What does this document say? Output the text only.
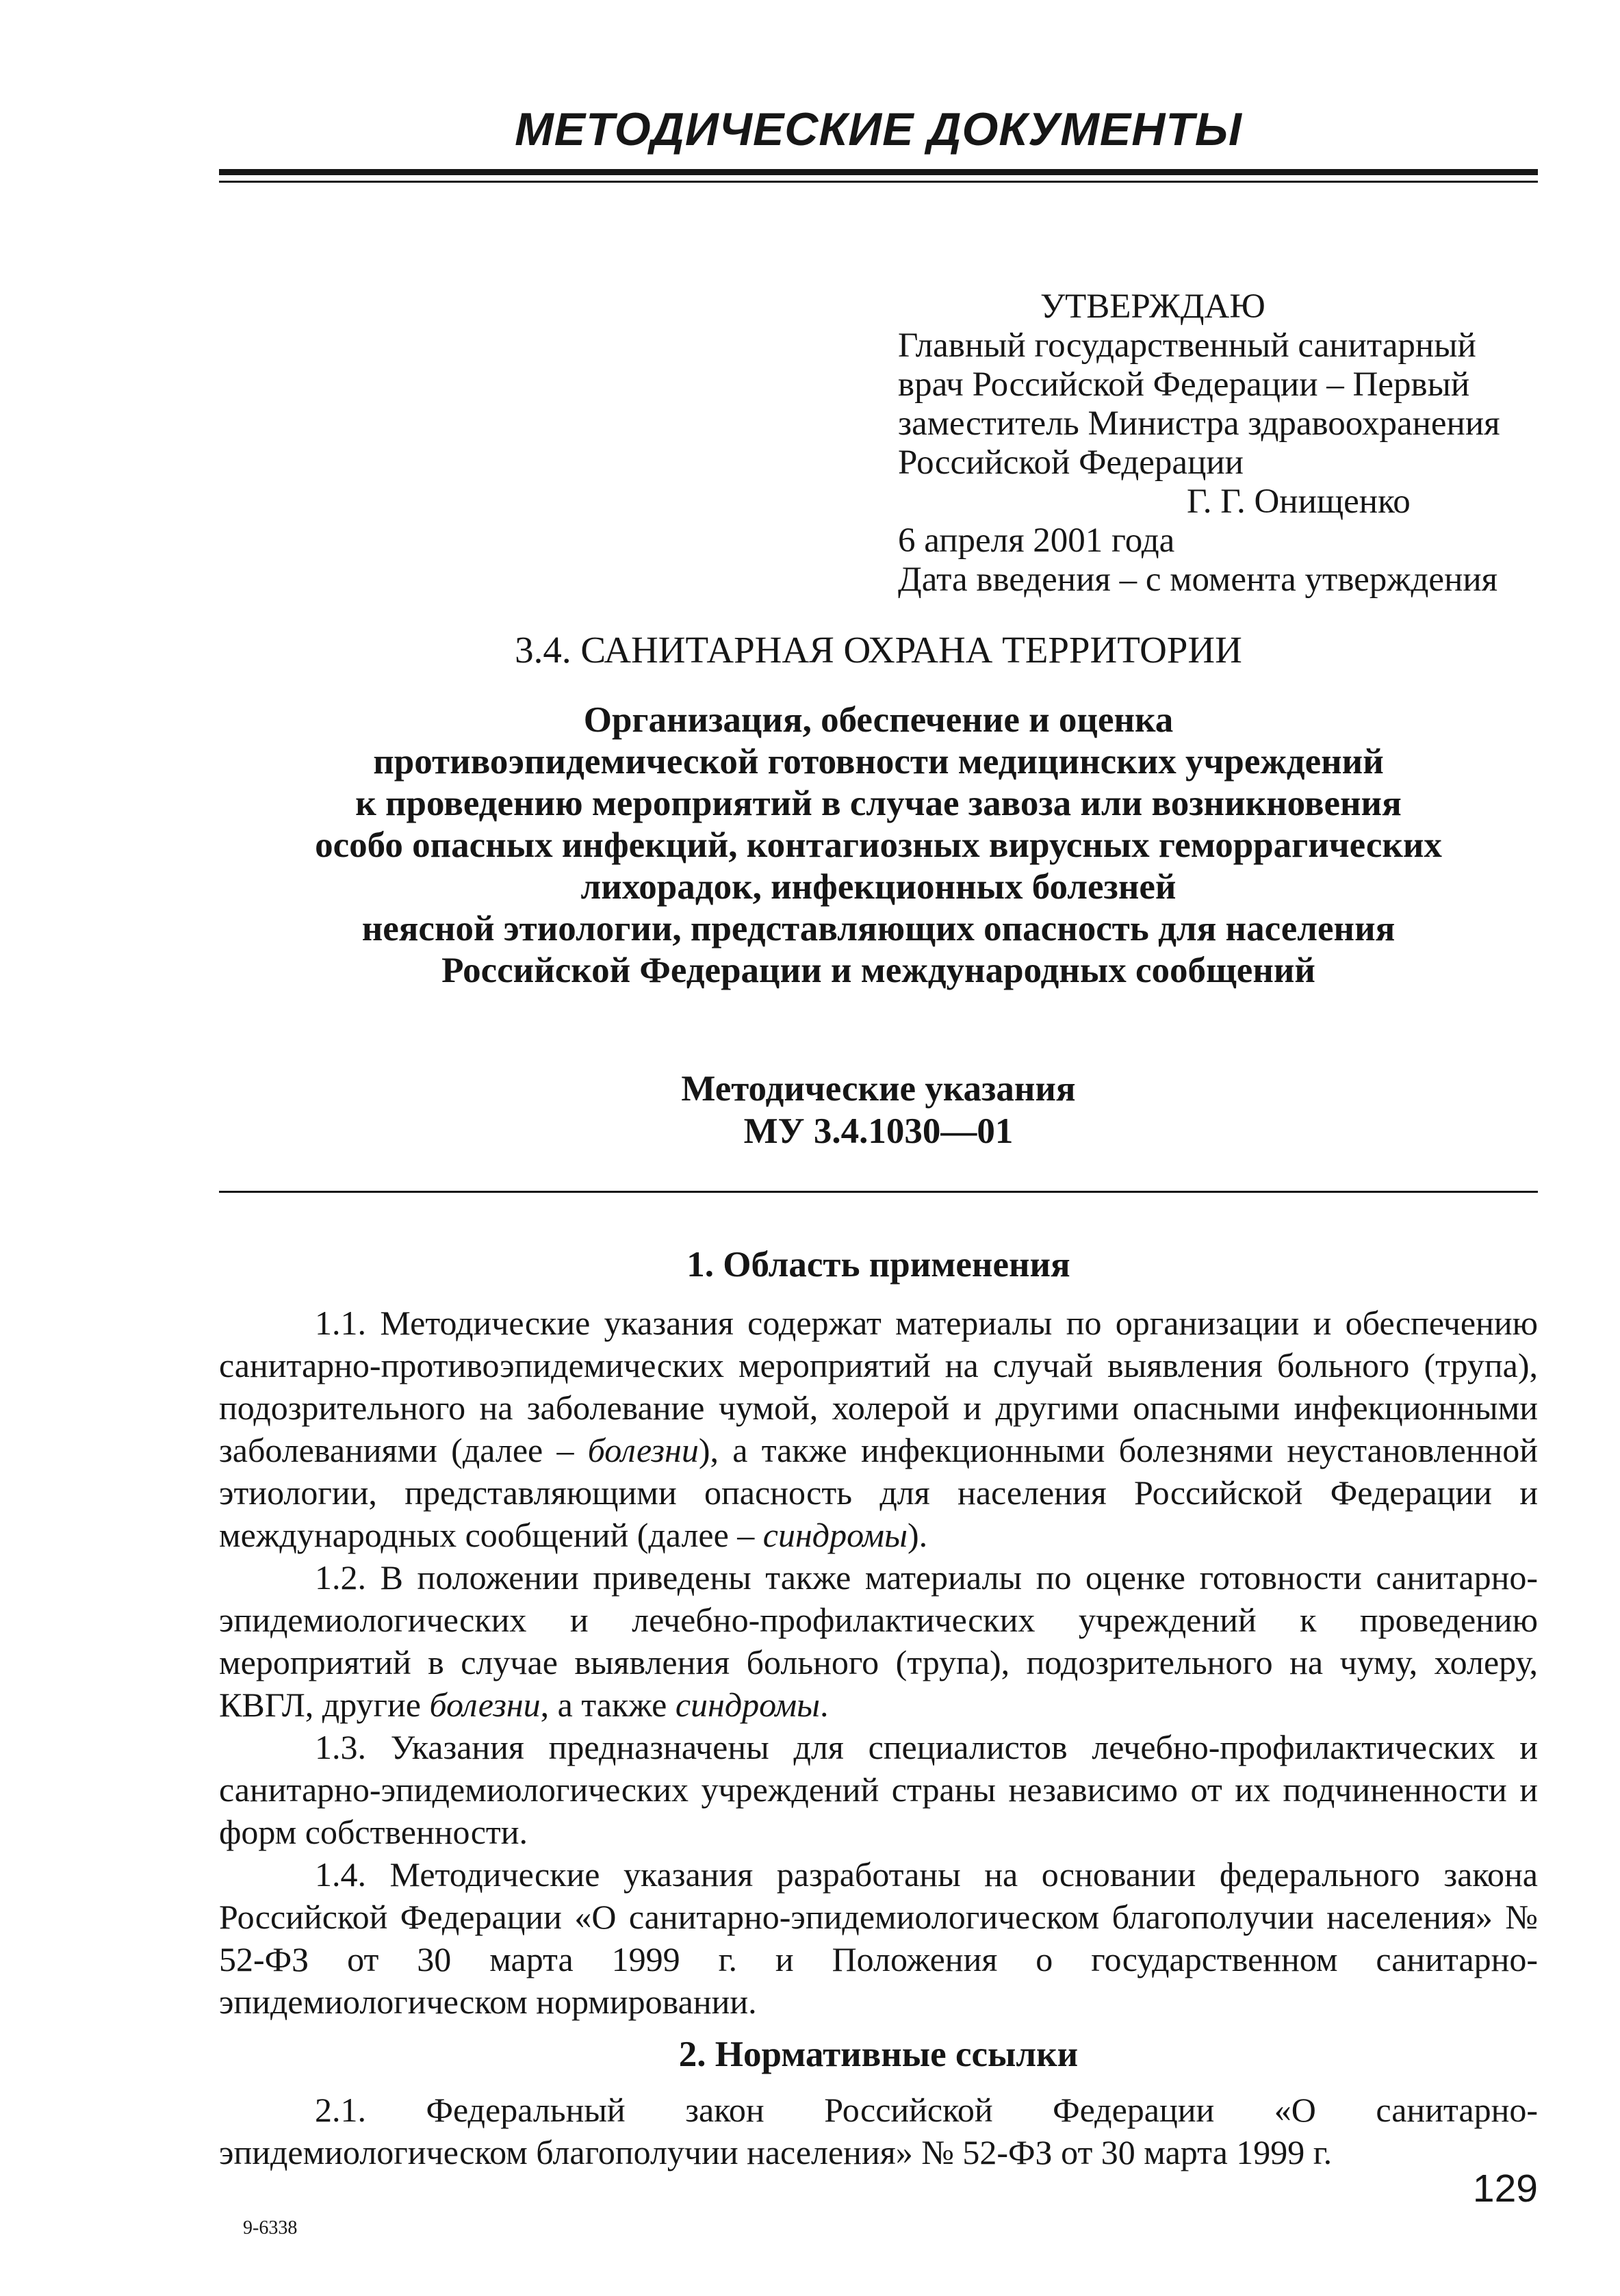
МЕТОДИЧЕСКИЕ ДОКУМЕНТЫ
УТВЕРЖДАЮ
Главный государственный санитарный
врач Российской Федерации – Первый
заместитель Министра здравоохранения
Российской Федерации
Г. Г. Онищенко
6 апреля 2001 года
Дата введения – с момента утверждения
3.4. САНИТАРНАЯ ОХРАНА ТЕРРИТОРИИ
Организация, обеспечение и оценка
противоэпидемической готовности медицинских учреждений
к проведению мероприятий в случае завоза или возникновения
особо опасных инфекций, контагиозных вирусных геморрагических
лихорадок, инфекционных болезней
неясной этиологии, представляющих опасность для населения
Российской Федерации и международных сообщений
Методические указания
МУ 3.4.1030—01
1. Область применения

1.1. Методические указания содержат материалы по организации и обеспечению санитарно-противоэпидемических мероприятий на случай выявления больного (трупа), подозрительного на заболевание чумой, холерой и другими опасными инфекционными заболеваниями (далее – болезни), а также инфекционными болезнями неустановленной этиологии, представляющими опасность для населения Российской Федерации и международных сообщений (далее – синдромы).

1.2. В положении приведены также материалы по оценке готовности санитарно-эпидемиологических и лечебно-профилактических учреждений к проведению мероприятий в случае выявления больного (трупа), подозрительного на чуму, холеру, КВГЛ, другие болезни, а также синдромы.

1.3. Указания предназначены для специалистов лечебно-профилактических и санитарно-эпидемиологических учреждений страны независимо от их подчиненности и форм собственности.

1.4. Методические указания разработаны на основании федерального закона Российской Федерации «О санитарно-эпидемиологическом благополучии населения» № 52-ФЗ от 30 марта 1999 г. и Положения о государственном санитарно-эпидемиологическом нормировании.

2. Нормативные ссылки

2.1. Федеральный закон Российской Федерации «О санитарно-эпидемиологическом благополучии населения» № 52-ФЗ от 30 марта 1999 г.

129
9-6338
